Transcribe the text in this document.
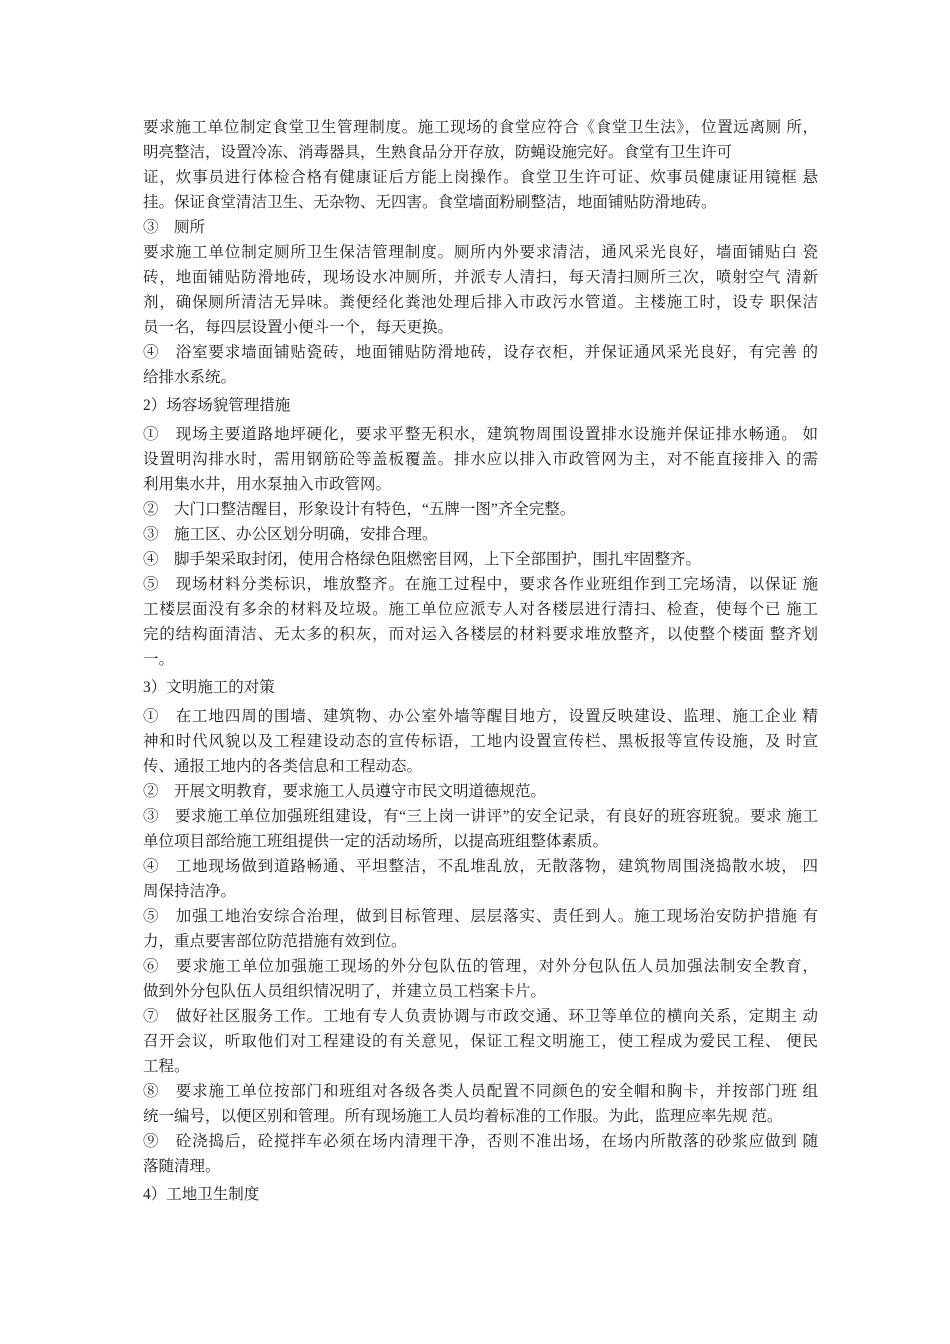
要求施工单位制定食堂卫生管理制度。施工现场的食堂应符合《食堂卫生法》，位置远离厕 所，
明亮整洁，设置冷冻、消毒器具，生熟食品分开存放，防蝇设施完好。食堂有卫生许可
证，炊事员进行体检合格有健康证后方能上岗操作。食堂卫生许可证、炊事员健康证用镜框 悬
挂。保证食堂清洁卫生、无杂物、无四害。食堂墙面粉刷整洁，地面铺贴防滑地砖。
③　厕所
要求施工单位制定厕所卫生保洁管理制度。厕所内外要求清洁，通风采光良好，墙面铺贴白 瓷
砖，地面铺贴防滑地砖，现场设水冲厕所，并派专人清扫，每天清扫厕所三次，喷射空气 清新
剂，确保厕所清洁无异味。粪便经化粪池处理后排入市政污水管道。主楼施工时，设专 职保洁
员一名，每四层设置小便斗一个，每天更换。
④　浴室要求墙面铺贴瓷砖，地面铺贴防滑地砖，设存衣柜，并保证通风采光良好，有完善 的
给排水系统。
2）场容场貌管理措施
①　现场主要道路地坪硬化，要求平整无积水，建筑物周围设置排水设施并保证排水畅通。 如
设置明沟排水时，需用钢筋砼等盖板覆盖。排水应以排入市政管网为主，对不能直接排入 的需
利用集水井，用水泵抽入市政管网。
②　大门口整洁醒目，形象设计有特色，“五牌一图”齐全完整。
③　施工区、办公区划分明确，安排合理。
④　脚手架采取封闭，使用合格绿色阻燃密目网，上下全部围护，围扎牢固整齐。
⑤　现场材料分类标识，堆放整齐。在施工过程中，要求各作业班组作到工完场清，以保证 施
工楼层面没有多余的材料及垃圾。施工单位应派专人对各楼层进行清扫、检查，使每个已 施工
完的结构面清洁、无太多的积灰，而对运入各楼层的材料要求堆放整齐，以使整个楼面 整齐划
一。
3）文明施工的对策
①　在工地四周的围墙、建筑物、办公室外墙等醒目地方，设置反映建设、监理、施工企业 精
神和时代风貌以及工程建设动态的宣传标语，工地内设置宣传栏、黑板报等宣传设施，及 时宣
传、通报工地内的各类信息和工程动态。
②　开展文明教育，要求施工人员遵守市民文明道德规范。
③　要求施工单位加强班组建设，有“三上岗一讲评”的安全记录，有良好的班容班貌。要求 施工
单位项目部给施工班组提供一定的活动场所，以提高班组整体素质。
④　工地现场做到道路畅通、平坦整洁，不乱堆乱放，无散落物，建筑物周围浇捣散水坡， 四
周保持洁净。
⑤　加强工地治安综合治理，做到目标管理、层层落实、责任到人。施工现场治安防护措施 有
力，重点要害部位防范措施有效到位。
⑥　要求施工单位加强施工现场的外分包队伍的管理，对外分包队伍人员加强法制安全教育，
做到外分包队伍人员组织情况明了，并建立员工档案卡片。
⑦　做好社区服务工作。工地有专人负责协调与市政交通、环卫等单位的横向关系，定期主 动
召开会议，听取他们对工程建设的有关意见，保证工程文明施工，使工程成为爱民工程、 便民
工程。
⑧　要求施工单位按部门和班组对各级各类人员配置不同颜色的安全帽和胸卡，并按部门班 组
统一编号，以便区别和管理。所有现场施工人员均着标准的工作服。为此，监理应率先规 范。
⑨　砼浇捣后，砼搅拌车必须在场内清理干净，否则不准出场，在场内所散落的砂浆应做到 随
落随清理。
4）工地卫生制度
